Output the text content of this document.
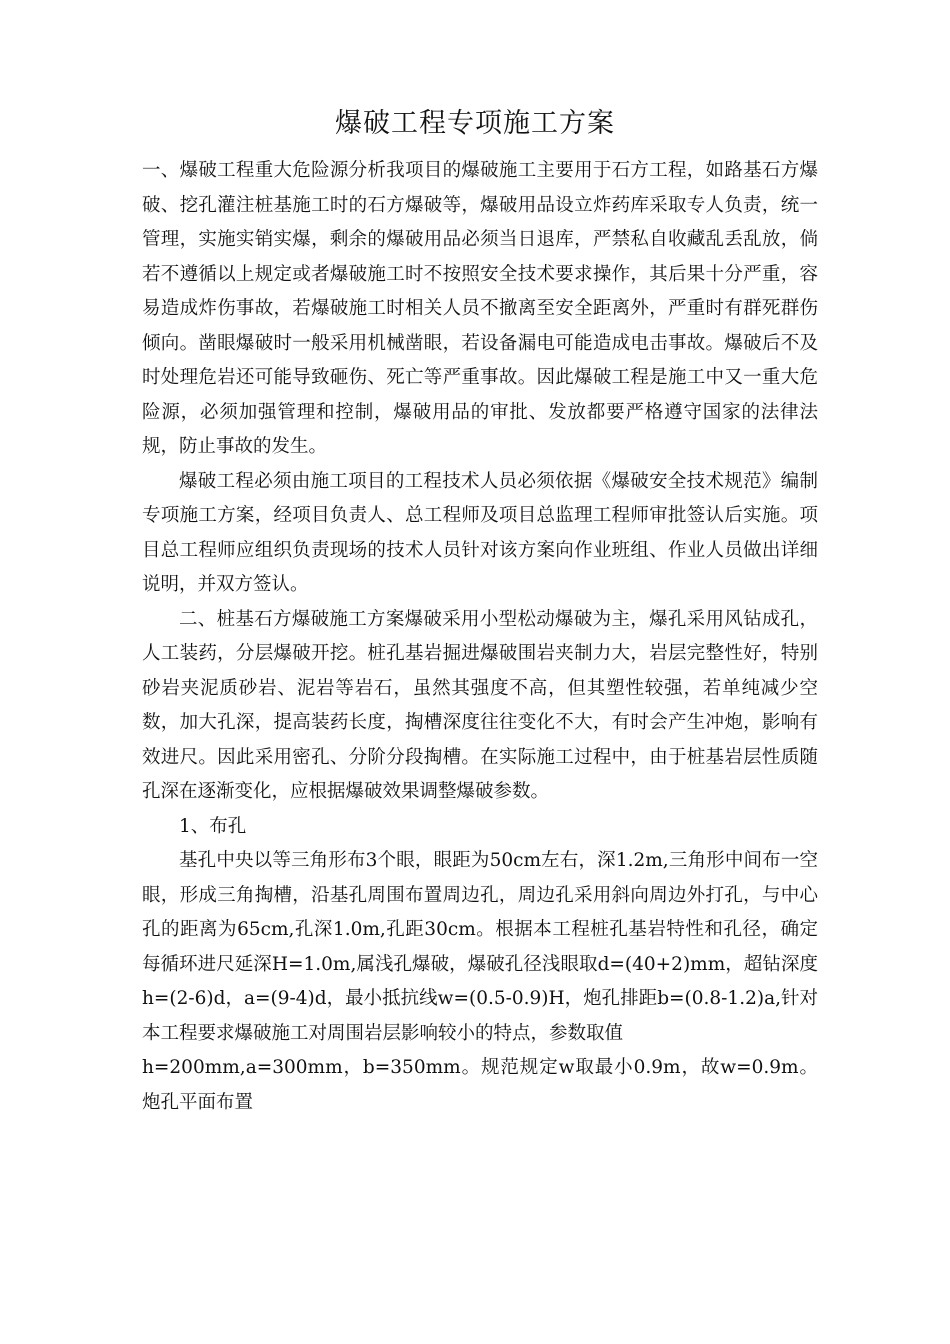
爆破工程专项施工方案

一、爆破工程重大危险源分析我项目的爆破施工主要用于石方工程，如路基石方爆破、挖孔灌注桩基施工时的石方爆破等，爆破用品设立炸药库采取专人负责，统一管理，实施实销实爆，剩余的爆破用品必须当日退库，严禁私自收藏乱丢乱放，倘若不遵循以上规定或者爆破施工时不按照安全技术要求操作，其后果十分严重，容易造成炸伤事故，若爆破施工时相关人员不撤离至安全距离外，严重时有群死群伤倾向。凿眼爆破时一般采用机械凿眼，若设备漏电可能造成电击事故。爆破后不及时处理危岩还可能导致砸伤、死亡等严重事故。因此爆破工程是施工中又一重大危险源，必须加强管理和控制，爆破用品的审批、发放都要严格遵守国家的法律法规，防止事故的发生。

爆破工程必须由施工项目的工程技术人员必须依据《爆破安全技术规范》编制专项施工方案，经项目负责人、总工程师及项目总监理工程师审批签认后实施。项目总工程师应组织负责现场的技术人员针对该方案向作业班组、作业人员做出详细说明，并双方签认。

二、桩基石方爆破施工方案爆破采用小型松动爆破为主，爆孔采用风钻成孔，人工装药，分层爆破开挖。桩孔基岩掘进爆破围岩夹制力大，岩层完整性好，特别砂岩夹泥质砂岩、泥岩等岩石，虽然其强度不高，但其塑性较强，若单纯减少空数，加大孔深，提高装药长度，掏槽深度往往变化不大，有时会产生冲炮，影响有效进尺。因此采用密孔、分阶分段掏槽。在实际施工过程中，由于桩基岩层性质随孔深在逐渐变化，应根据爆破效果调整爆破参数。

1、布孔

基孔中央以等三角形布3个眼，眼距为50cm左右，深1.2m,三角形中间布一空眼，形成三角掏槽，沿基孔周围布置周边孔，周边孔采用斜向周边外打孔，与中心孔的距离为65cm,孔深1.0m,孔距30cm。根据本工程桩孔基岩特性和孔径，确定每循环进尺延深H=1.0m,属浅孔爆破，爆破孔径浅眼取d=(40+2)mm，超钻深度h=(2-6)d，a=(9-4)d，最小抵抗线w=(0.5-0.9)H，炮孔排距b=(0.8-1.2)a,针对本工程要求爆破施工对周围岩层影响较小的特点，参数取值

h=200mm,a=300mm，b=350mm。规范规定w取最小0.9m，故w=0.9m。炮孔平面布置
